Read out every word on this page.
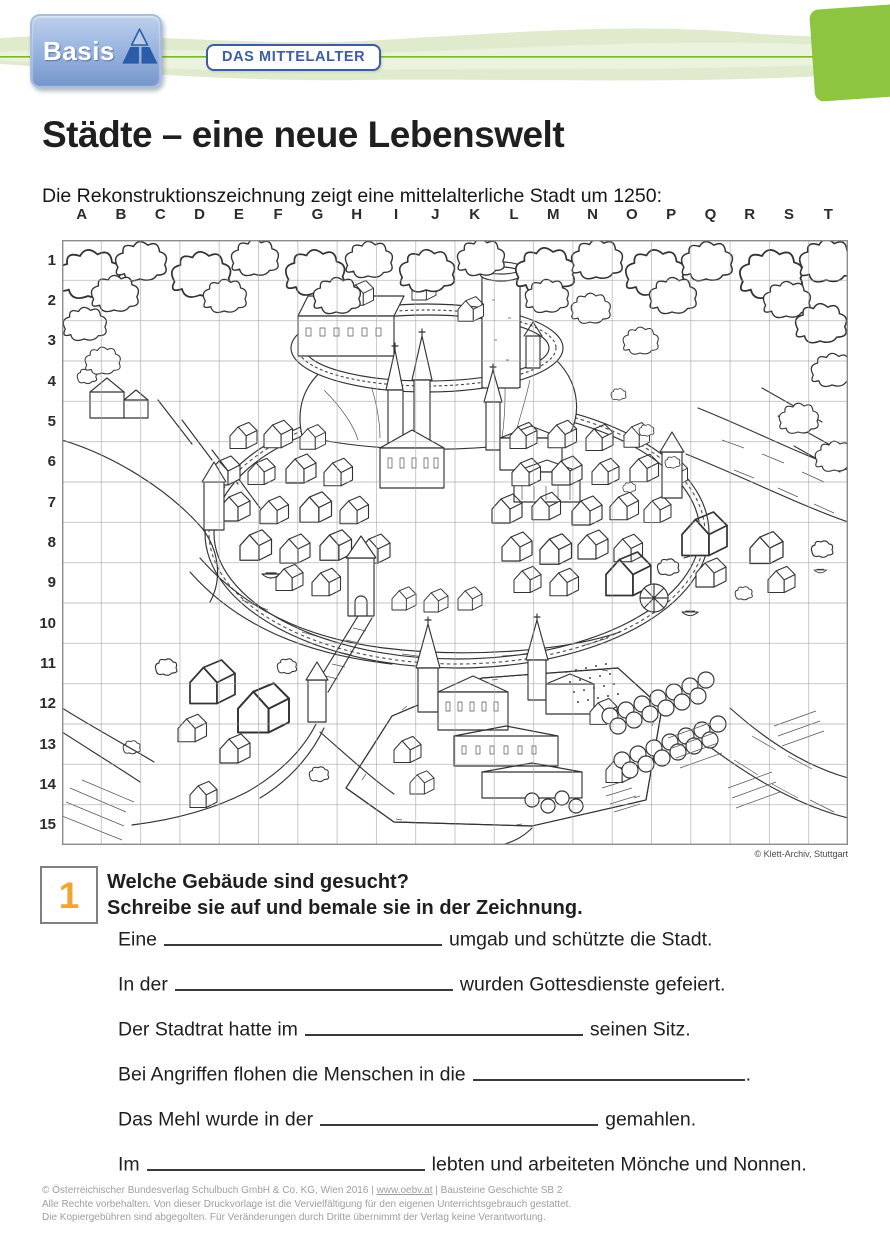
Basis	DAS MITTELALTER
Städte – eine neue Lebenswelt
Die Rekonstruktionszeichnung zeigt eine mittelalterliche Stadt um 1250:
A	B	C	D	E	F	G	H	I	J	K	L	M	N	O	P	Q	R	S	T
1
2
3
4
5
6
7
8
9
10
11
12
13
14
15
© Klett-Archiv, Stuttgart
1 Welche Gebäude sind gesucht?
Schreibe sie auf und bemale sie in der Zeichnung.
Eine	umgab und schützte die Stadt.
In der	wurden Gottesdienste gefeiert.
Der Stadtrat hatte im	seinen Sitz.
Bei Angriffen flohen die Menschen in die	.
Das Mehl wurde in der	gemahlen.
Im	lebten und arbeiteten Mönche und Nonnen.
© Österreichischer Bundesverlag Schulbuch GmbH & Co. KG, Wien 2016 | www.oebv.at | Bausteine Geschichte SB 2
Alle Rechte vorbehalten. Von dieser Druckvorlage ist die Vervielfältigung für den eigenen Unterrichtsgebrauch gestattet.
Die Kopiergebühren sind abgegolten. Für Veränderungen durch Dritte übernimmt der Verlag keine Verantwortung.
